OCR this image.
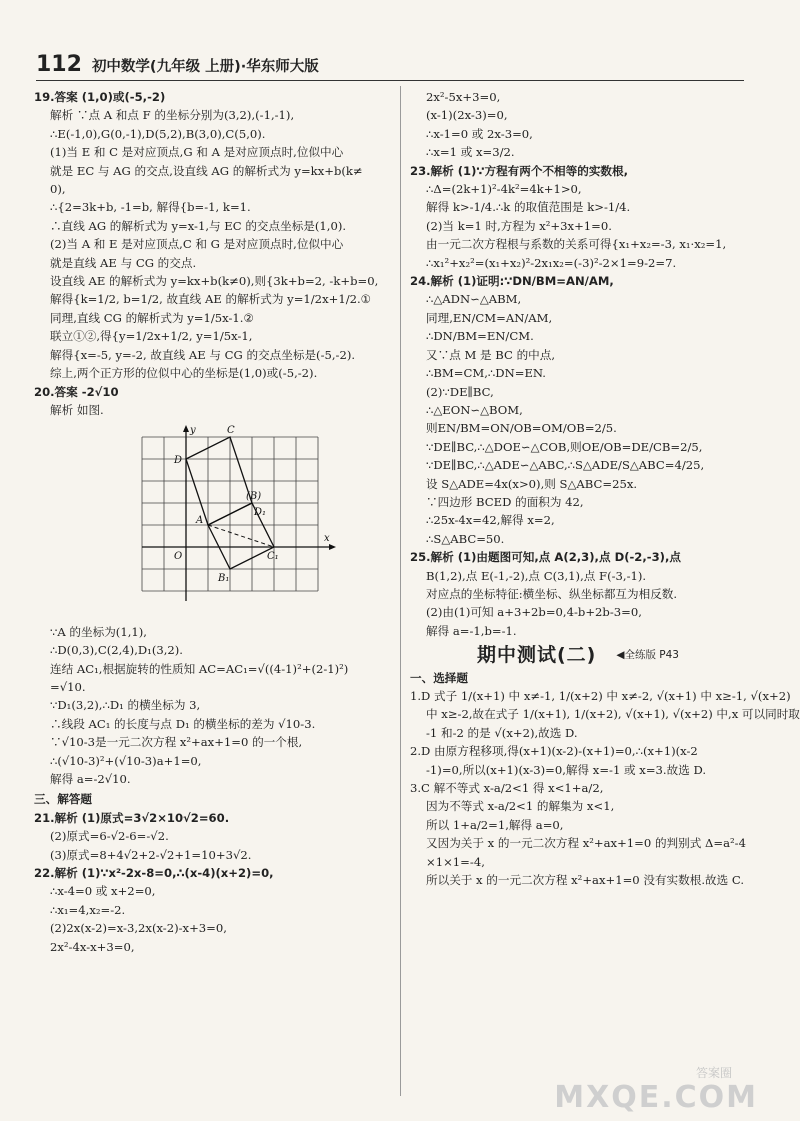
112 初中数学(九年级 上册)·华东师大版
19.答案 (1,0)或(-5,-2)
解析 ∵点 A 和点 F 的坐标分别为(3,2),(-1,-1),
∴E(-1,0),G(0,-1),D(5,2),B(3,0),C(5,0).
(1)当 E 和 C 是对应顶点,G 和 A 是对应顶点时,位似中心
就是 EC 与 AG 的交点,设直线 AG 的解析式为 y=kx+b(k≠
0),
∴{2=3k+b, -1=b, 解得{b=-1, k=1.
∴直线 AG 的解析式为 y=x-1,与 EC 的交点坐标是(1,0).
(2)当 A 和 E 是对应顶点,C 和 G 是对应顶点时,位似中心
就是直线 AE 与 CG 的交点.
设直线 AE 的解析式为 y=kx+b(k≠0),则{3k+b=2, -k+b=0,
解得{k=1/2, b=1/2, 故直线 AE 的解析式为 y=1/2x+1/2.①
同理,直线 CG 的解析式为 y=1/5x-1.②
联立①②,得{y=1/2x+1/2, y=1/5x-1,
解得{x=-5, y=-2, 故直线 AE 与 CG 的交点坐标是(-5,-2).
综上,两个正方形的位似中心的坐标是(1,0)或(-5,-2).
20.答案 -2√10
解析 如图.
y
x
O
A
C
D
(B)
D₁
C₁
B₁
∵A 的坐标为(1,1),
∴D(0,3),C(2,4),D₁(3,2).
连结 AC₁,根据旋转的性质知 AC=AC₁=√((4-1)²+(2-1)²)
=√10.
∵D₁(3,2),∴D₁ 的横坐标为 3,
∴线段 AC₁ 的长度与点 D₁ 的横坐标的差为 √10-3.
∵√10-3是一元二次方程 x²+ax+1=0 的一个根,
∴(√10-3)²+(√10-3)a+1=0,
解得 a=-2√10.
三、解答题
21.解析 (1)原式=3√2×10√2=60.
(2)原式=6-√2-6=-√2.
(3)原式=8+4√2+2-√2+1=10+3√2.
22.解析 (1)∵x²-2x-8=0,∴(x-4)(x+2)=0,
∴x-4=0 或 x+2=0,
∴x₁=4,x₂=-2.
(2)2x(x-2)=x-3,2x(x-2)-x+3=0,
2x²-4x-x+3=0,
2x²-5x+3=0,
(x-1)(2x-3)=0,
∴x-1=0 或 2x-3=0,
∴x=1 或 x=3/2.
23.解析 (1)∵方程有两个不相等的实数根,
∴Δ=(2k+1)²-4k²=4k+1>0,
解得 k>-1/4.∴k 的取值范围是 k>-1/4.
(2)当 k=1 时,方程为 x²+3x+1=0.
由一元二次方程根与系数的关系可得{x₁+x₂=-3, x₁·x₂=1,
∴x₁²+x₂²=(x₁+x₂)²-2x₁x₂=(-3)²-2×1=9-2=7.
24.解析 (1)证明:∵DN/BM=AN/AM,
∴△ADN∽△ABM,
同理,EN/CM=AN/AM,
∴DN/BM=EN/CM.
又∵点 M 是 BC 的中点,
∴BM=CM,∴DN=EN.
(2)∵DE∥BC,
∴△EON∽△BOM,
则EN/BM=ON/OB=OM/OB=2/5.
∵DE∥BC,∴△DOE∽△COB,则OE/OB=DE/CB=2/5,
∵DE∥BC,∴△ADE∽△ABC,∴S△ADE/S△ABC=4/25,
设 S△ADE=4x(x>0),则 S△ABC=25x.
∵四边形 BCED 的面积为 42,
∴25x-4x=42,解得 x=2,
∴S△ABC=50.
25.解析 (1)由题图可知,点 A(2,3),点 D(-2,-3),点
B(1,2),点 E(-1,-2),点 C(3,1),点 F(-3,-1).
对应点的坐标特征:横坐标、纵坐标都互为相反数.
(2)由(1)可知 a+3+2b=0,4-b+2b-3=0,
解得 a=-1,b=-1.
期中测试(二) ◀全练版 P43
一、选择题
1.D 式子 1/(x+1) 中 x≠-1, 1/(x+2) 中 x≠-2, √(x+1) 中 x≥-1, √(x+2)
中 x≥-2,故在式子 1/(x+1), 1/(x+2), √(x+1), √(x+2) 中,x 可以同时取
-1 和-2 的是 √(x+2),故选 D.
2.D 由原方程移项,得(x+1)(x-2)-(x+1)=0,∴(x+1)(x-2
-1)=0,所以(x+1)(x-3)=0,解得 x=-1 或 x=3.故选 D.
3.C 解不等式 x-a/2<1 得 x<1+a/2,
因为不等式 x-a/2<1 的解集为 x<1,
所以 1+a/2=1,解得 a=0,
又因为关于 x 的一元二次方程 x²+ax+1=0 的判别式 Δ=a²-4
×1×1=-4,
所以关于 x 的一元二次方程 x²+ax+1=0 没有实数根.故选 C.
答案圈
MXQE.COM
